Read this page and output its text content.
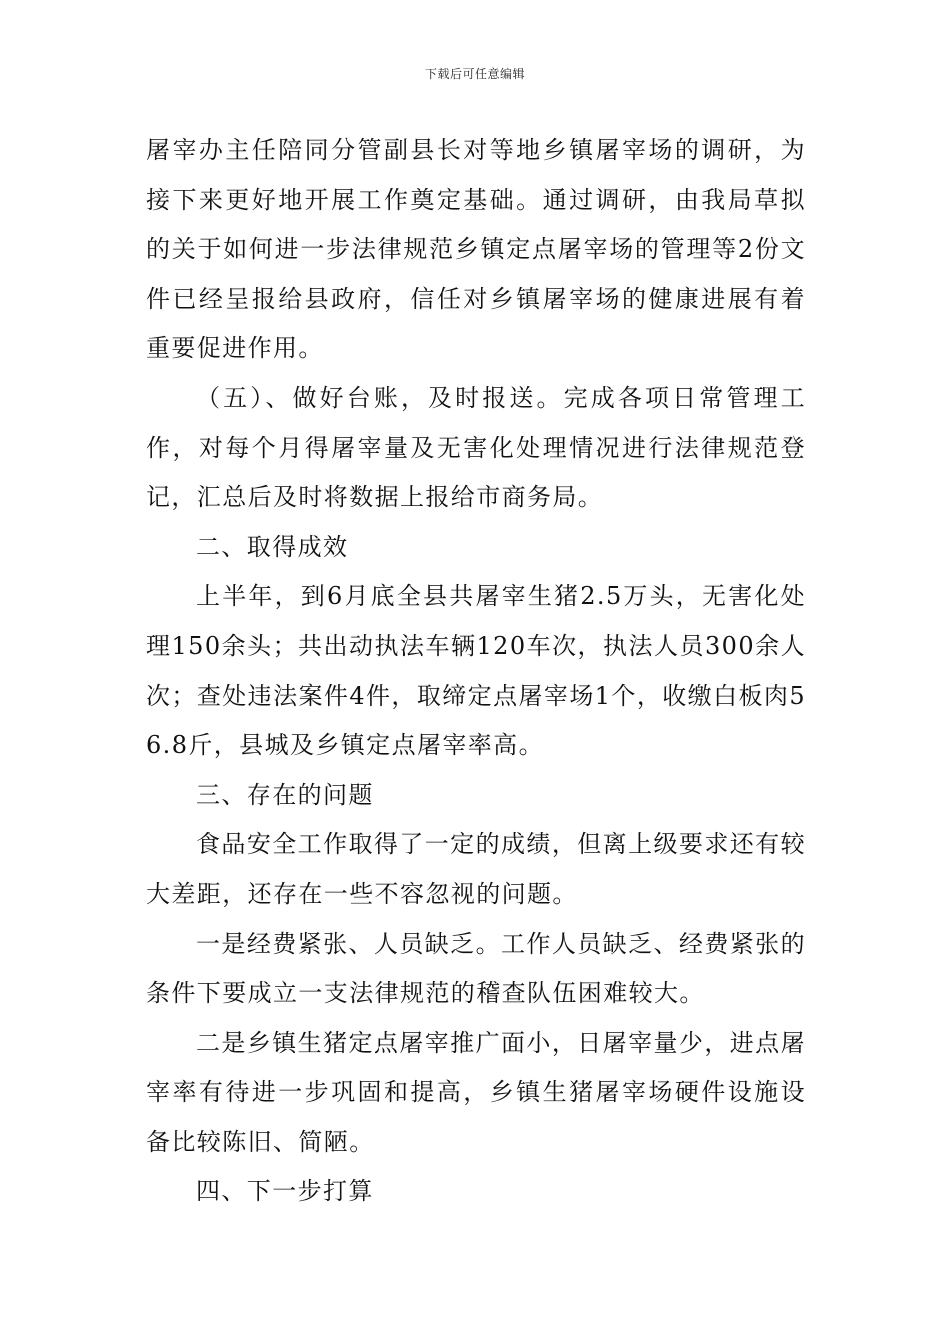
下载后可任意编辑

屠宰办主任陪同分管副县长对等地乡镇屠宰场的调研，为接下来更好地开展工作奠定基础。通过调研，由我局草拟的关于如何进一步法律规范乡镇定点屠宰场的管理等2份文件已经呈报给县政府，信任对乡镇屠宰场的健康进展有着重要促进作用。

（五）、做好台账，及时报送。完成各项日常管理工作，对每个月得屠宰量及无害化处理情况进行法律规范登记，汇总后及时将数据上报给市商务局。

二、取得成效

上半年，到6月底全县共屠宰生猪2.5万头，无害化处理150余头；共出动执法车辆120车次，执法人员300余人次；查处违法案件4件，取缔定点屠宰场1个，收缴白板肉56.8斤，县城及乡镇定点屠宰率高。

三、存在的问题

食品安全工作取得了一定的成绩，但离上级要求还有较大差距，还存在一些不容忽视的问题。

一是经费紧张、人员缺乏。工作人员缺乏、经费紧张的条件下要成立一支法律规范的稽查队伍困难较大。

二是乡镇生猪定点屠宰推广面小，日屠宰量少，进点屠宰率有待进一步巩固和提高，乡镇生猪屠宰场硬件设施设备比较陈旧、简陋。

四、下一步打算
